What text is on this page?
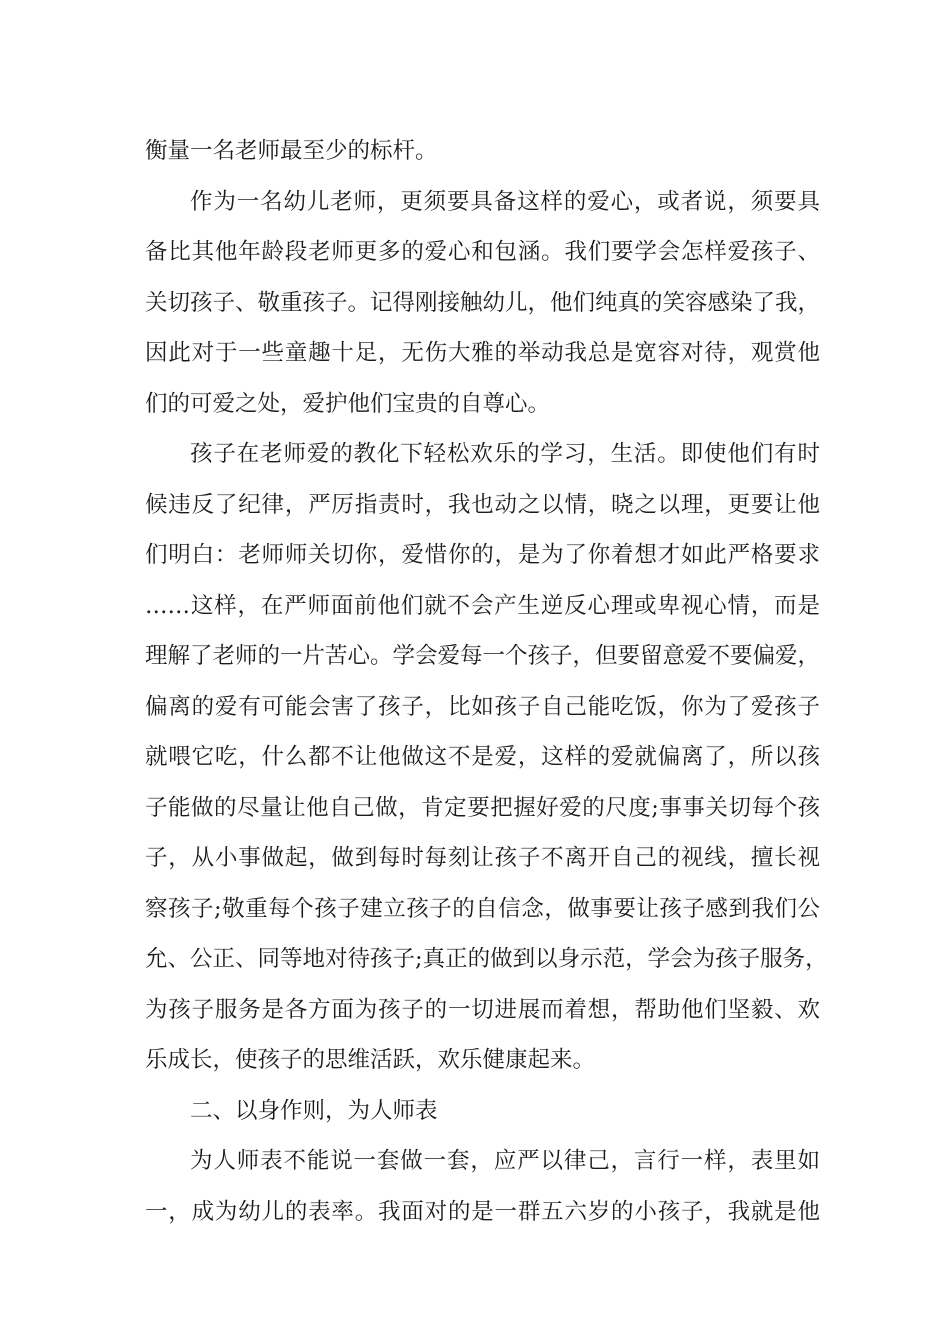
衡量一名老师最至少的标杆。
作为一名幼儿老师，更须要具备这样的爱心，或者说，须要具
备比其他年龄段老师更多的爱心和包涵。我们要学会怎样爱孩子、
关切孩子、敬重孩子。记得刚接触幼儿，他们纯真的笑容感染了我，
因此对于一些童趣十足，无伤大雅的举动我总是宽容对待，观赏他
们的可爱之处，爱护他们宝贵的自尊心。
孩子在老师爱的教化下轻松欢乐的学习，生活。即使他们有时
候违反了纪律，严厉指责时，我也动之以情，晓之以理，更要让他
们明白：老师师关切你，爱惜你的，是为了你着想才如此严格要求
……这样，在严师面前他们就不会产生逆反心理或卑视心情，而是
理解了老师的一片苦心。学会爱每一个孩子，但要留意爱不要偏爱，
偏离的爱有可能会害了孩子，比如孩子自己能吃饭，你为了爱孩子
就喂它吃，什么都不让他做这不是爱，这样的爱就偏离了，所以孩
子能做的尽量让他自己做，肯定要把握好爱的尺度;事事关切每个孩
子，从小事做起，做到每时每刻让孩子不离开自己的视线，擅长视
察孩子;敬重每个孩子建立孩子的自信念，做事要让孩子感到我们公
允、公正、同等地对待孩子;真正的做到以身示范，学会为孩子服务，
为孩子服务是各方面为孩子的一切进展而着想，帮助他们坚毅、欢
乐成长，使孩子的思维活跃，欢乐健康起来。
二、以身作则，为人师表
为人师表不能说一套做一套，应严以律己，言行一样，表里如
一，成为幼儿的表率。我面对的是一群五六岁的小孩子，我就是他
